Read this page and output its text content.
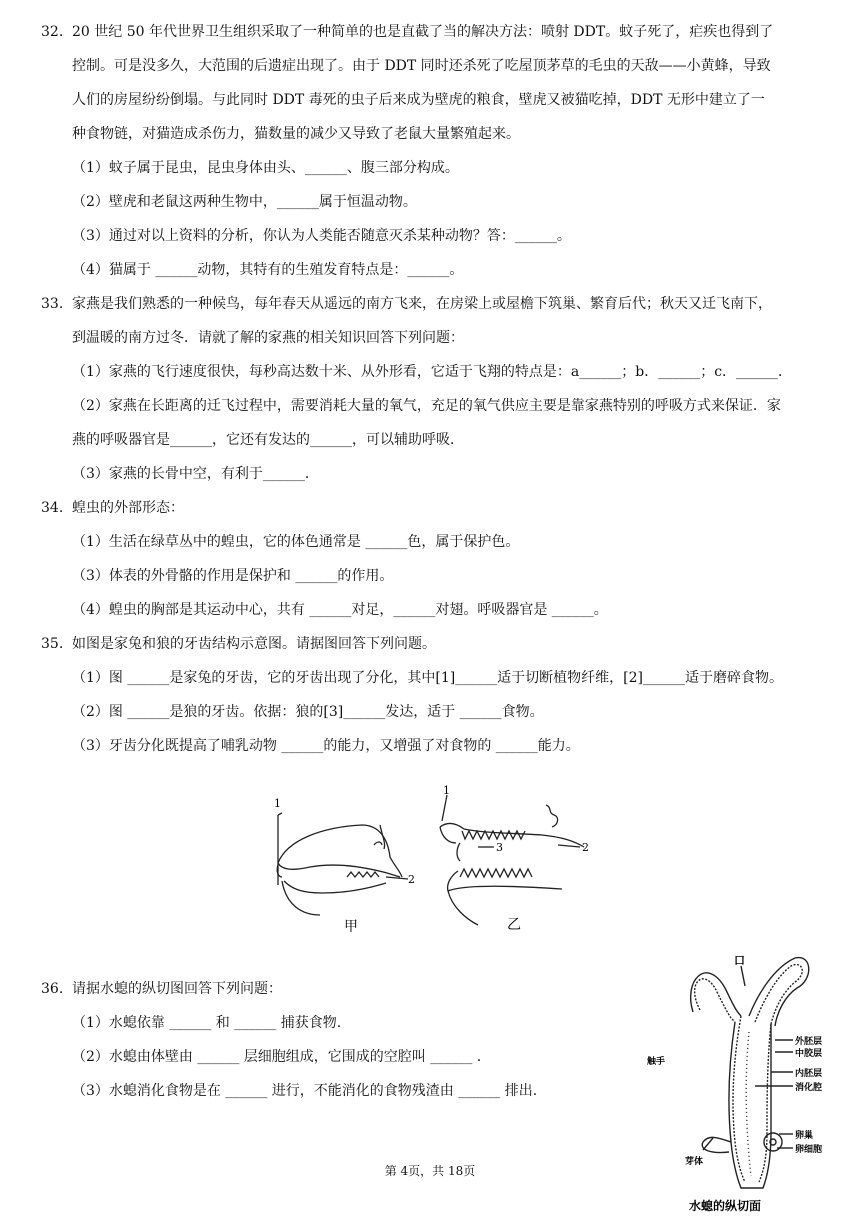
32. 20 世纪 50 年代世界卫生组织采取了一种简单的也是直截了当的解决方法：喷射 DDT。蚊子死了，疟疾也得到了
控制。可是没多久，大范围的后遗症出现了。由于 DDT 同时还杀死了吃屋顶茅草的毛虫的天敌——小黄蜂，导致
人们的房屋纷纷倒塌。与此同时 DDT 毒死的虫子后来成为壁虎的粮食，壁虎又被猫吃掉，DDT 无形中建立了一
种食物链，对猫造成杀伤力，猫数量的减少又导致了老鼠大量繁殖起来。
（1）蚊子属于昆虫，昆虫身体由头、______、腹三部分构成。
（2）壁虎和老鼠这两种生物中，______属于恒温动物。
（3）通过对以上资料的分析，你认为人类能否随意灭杀某种动物？答：______。
（4）猫属于 ______动物，其特有的生殖发育特点是：______。
33. 家燕是我们熟悉的一种候鸟，每年春天从遥远的南方飞来，在房梁上或屋檐下筑巢、繁育后代；秋天又迁飞南下，
到温暖的南方过冬．请就了解的家燕的相关知识回答下列问题：
（1）家燕的飞行速度很快，每秒高达数十米、从外形看，它适于飞翔的特点是：a______；b．______；c．______．
（2）家燕在长距离的迁飞过程中，需要消耗大量的氧气，充足的氧气供应主要是靠家燕特别的呼吸方式来保证．家
燕的呼吸器官是______，它还有发达的______，可以辅助呼吸．
（3）家燕的长骨中空，有利于______．
34. 蝗虫的外部形态：
（1）生活在绿草丛中的蝗虫，它的体色通常是 ______色，属于保护色。
（3）体表的外骨骼的作用是保护和 ______的作用。
（4）蝗虫的胸部是其运动中心，共有 ______对足，______对翅。呼吸器官是 ______。
35. 如图是家兔和狼的牙齿结构示意图。请据图回答下列问题。
（1）图 ______是家兔的牙齿，它的牙齿出现了分化，其中[1]______适于切断植物纤维，[2]______适于磨碎食物。
（2）图 ______是狼的牙齿。依据：狼的[3]______发达，适于 ______食物。
（3）牙齿分化既提高了哺乳动物 ______的能力，又增强了对食物的 ______能力。
1
2
1
3	2
甲	乙
36. 请据水螅的纵切图回答下列问题：
（1）水螅依靠 ______ 和 ______ 捕获食物.
（2）水螅由体壁由 ______ 层细胞组成，它围成的空腔叫 ______ .
（3）水螅消化食物是在 ______ 进行，不能消化的食物残渣由 ______ 排出.
口
触手
外胚层
中胶层
内胚层
消化腔
卵巢
卵细胞
芽体
水螅的纵切面
第 4页，共 18页
